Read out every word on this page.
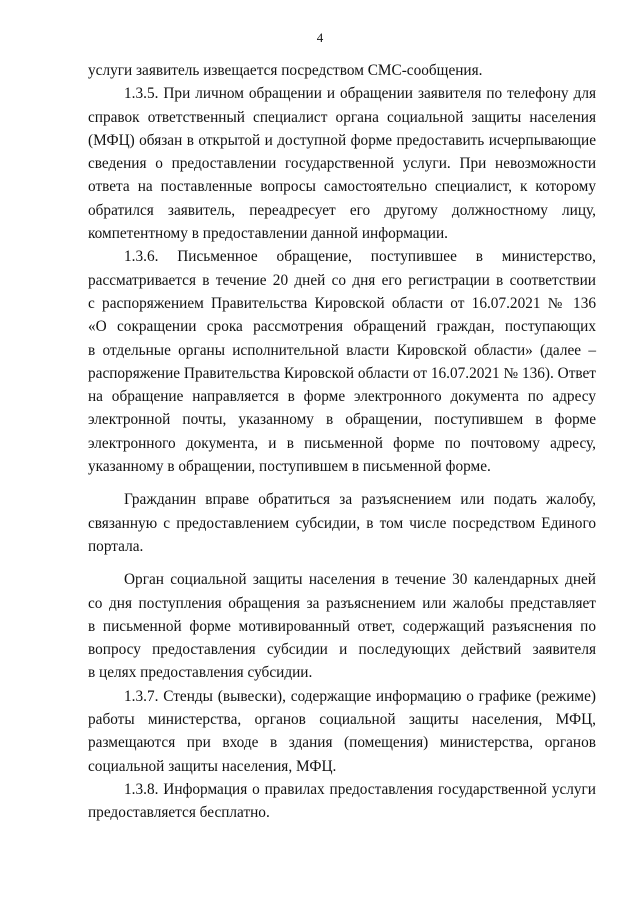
4
услуги заявитель извещается посредством СМС-сообщения.
1.3.5. При личном обращении и обращении заявителя по телефону для
справок ответственный специалист органа социальной защиты населения
(МФЦ) обязан в открытой и доступной форме предоставить исчерпывающие
сведения о предоставлении государственной услуги. При невозможности
ответа на поставленные вопросы самостоятельно специалист, к которому
обратился заявитель, переадресует его другому должностному лицу,
компетентному в предоставлении данной информации.
1.3.6. Письменное обращение, поступившее в министерство,
рассматривается в течение 20 дней со дня его регистрации в соответствии
с распоряжением Правительства Кировской области от 16.07.2021 № 136
«О сокращении срока рассмотрения обращений граждан, поступающих
в отдельные органы исполнительной власти Кировской области» (далее –
распоряжение Правительства Кировской области от 16.07.2021 № 136). Ответ
на обращение направляется в форме электронного документа по адресу
электронной почты, указанному в обращении, поступившем в форме
электронного документа, и в письменной форме по почтовому адресу,
указанному в обращении, поступившем в письменной форме.
Гражданин вправе обратиться за разъяснением или подать жалобу,
связанную с предоставлением субсидии, в том числе посредством Единого
портала.
Орган социальной защиты населения в течение 30 календарных дней
со дня поступления обращения за разъяснением или жалобы представляет
в письменной форме мотивированный ответ, содержащий разъяснения по
вопросу предоставления субсидии и последующих действий заявителя
в целях предоставления субсидии.
1.3.7. Стенды (вывески), содержащие информацию о графике (режиме)
работы министерства, органов социальной защиты населения, МФЦ,
размещаются при входе в здания (помещения) министерства, органов
социальной защиты населения, МФЦ.
1.3.8. Информация о правилах предоставления государственной услуги
предоставляется бесплатно.
